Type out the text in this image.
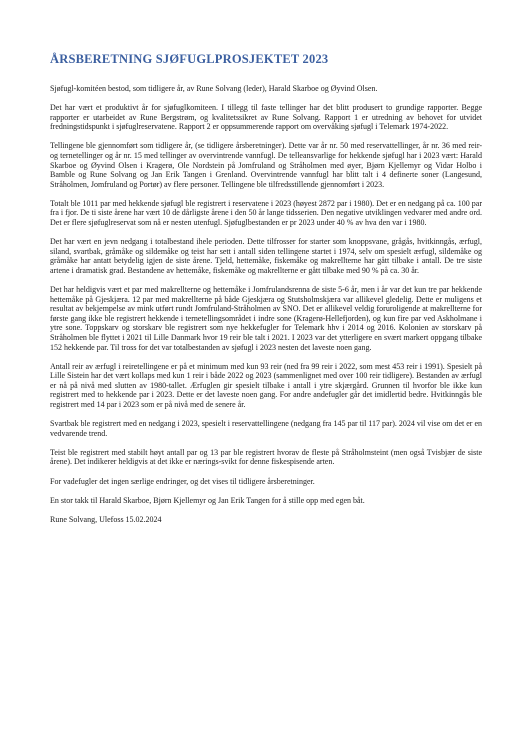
ÅRSBERETNING SJØFUGLPROSJEKTET 2023

Sjøfugl-komitéen bestod, som tidligere år, av Rune Solvang (leder), Harald Skarboe og Øyvind Olsen.

Det har vært et produktivt år for sjøfuglkomiteen. I tillegg til faste tellinger har det blitt produsert to grundige rapporter. Begge rapporter er utarbeidet av Rune Bergstrøm, og kvalitetssikret av Rune Solvang. Rapport 1 er utredning av behovet for utvidet fredningstidspunkt i sjøfuglreservatene. Rapport 2 er oppsummerende rapport om overvåking sjøfugl i Telemark 1974-2022.

Tellingene ble gjennomført som tidligere år, (se tidligere årsberetninger). Dette var år nr. 50 med reservattellinger, år nr. 36 med reir- og ternetellinger og år nr. 15 med tellinger av overvintrende vannfugl. De telleansvarlige for hekkende sjøfugl har i 2023 vært: Harald Skarboe og Øyvind Olsen i Kragerø, Ole Nordstein på Jomfruland og Stråholmen med øyer, Bjørn Kjellemyr og Vidar Holbo i Bamble og Rune Solvang og Jan Erik Tangen i Grenland. Overvintrende vannfugl har blitt talt i 4 definerte soner (Langesund, Stråholmen, Jomfruland og Portør) av flere personer. Tellingene ble tilfredsstillende gjennomført i 2023.

Totalt ble 1011 par med hekkende sjøfugl ble registrert i reservatene i 2023 (høyest 2872 par i 1980). Det er en nedgang på ca. 100 par fra i fjor. De ti siste årene har vært 10 de dårligste årene i den 50 år lange tidsserien. Den negative utviklingen vedvarer med andre ord. Det er flere sjøfuglreservat som nå er nesten utenfugl. Sjøfuglbestanden er pr 2023 under 40 % av hva den var i 1980.

Det har vært en jevn nedgang i totalbestand ihele perioden. Dette tilfrosser for starter som knoppsvane, grågås, hvitkinngås, ærfugl, siland, svartbak, gråmåke og sildemåke og teist har sett i antall siden tellingene startet i 1974, selv om spesielt ærfugl, sildemåke og gråmåke har antatt betydelig igjen de siste årene. Tjeld, hettemåke, fiskemåke og makrellterne har gått tilbake i antall. De tre siste artene i dramatisk grad. Bestandene av hettemåke, fiskemåke og makrellterne er gått tilbake med 90 % på ca. 30 år.

Det har heldigvis vært et par med makrellterne og hettemåke i Jomfrulandsrenna de siste 5-6 år, men i år var det kun tre par hekkende hettemåke på Gjeskjæra. 12 par med makrellterne på både Gjeskjæra og Stutsholmskjæra var allikevel gledelig. Dette er muligens et resultat av bekjempelse av mink utført rundt Jomfruland-Stråholmen av SNO. Det er allikevel veldig foruroligende at makrellterne for første gang ikke ble registrert hekkende i ternetellingsområdet i indre sone (Kragerø-Hellefjorden), og kun fire par ved Askholmane i ytre sone. Toppskarv og storskarv ble registrert som nye hekkefugler for Telemark hhv i 2014 og 2016. Kolonien av storskarv på Stråholmen ble flyttet i 2021 til Lille Danmark hvor 19 reir ble talt i 2021. I 2023 var det ytterligere en svært markert oppgang tilbake 152 hekkende par. Til tross for det var totalbestanden av sjøfugl i 2023 nesten det laveste noen gang.

Antall reir av ærfugl i reiretellingene er på et minimum med kun 93 reir (ned fra 99 reir i 2022, som mest 453 reir i 1991). Spesielt på Lille Sistein har det vært kollaps med kun 1 reir i både 2022 og 2023 (sammenlignet med over 100 reir tidligere). Bestanden av ærfugl er nå på nivå med slutten av 1980-tallet. Ærfuglen gir spesielt tilbake i antall i ytre skjærgård. Grunnen til hvorfor ble ikke kun registrert med to hekkende par i 2023. Dette er det laveste noen gang. For andre andefugler går det imidlertid bedre. Hvitkinngås ble registrert med 14 par i 2023 som er på nivå med de senere år.

Svartbak ble registrert med en nedgang i 2023, spesielt i reservattellingene (nedgang fra 145 par til 117 par). 2024 vil vise om det er en vedvarende trend.

Teist ble registrert med stabilt høyt antall par og 13 par ble registrert hvorav de fleste på Stråholmsteint (men også Tvisbjær de siste årene). Det indikerer heldigvis at det ikke er nærings-svikt for denne fiskespisende arten.

For vadefugler det ingen særlige endringer, og det vises til tidligere årsberetninger.

En stor takk til Harald Skarboe, Bjørn Kjellemyr og Jan Erik Tangen for å stille opp med egen båt.

Rune Solvang, Ulefoss 15.02.2024
